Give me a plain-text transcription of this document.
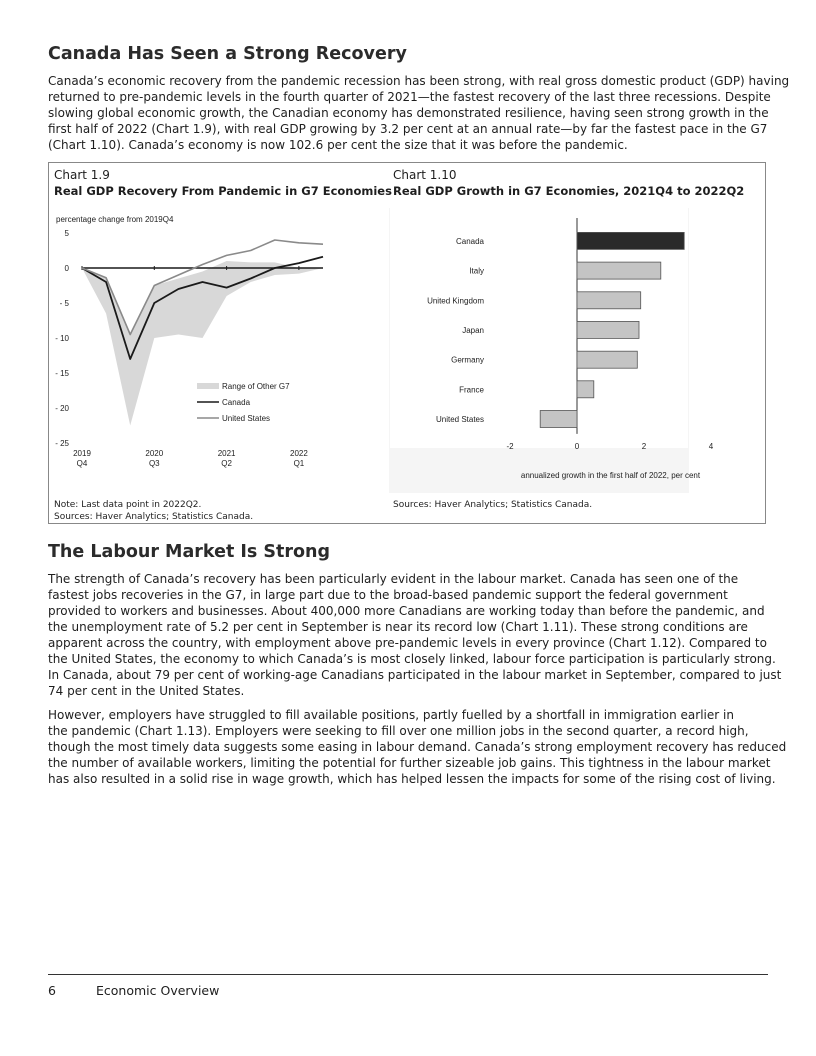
Canada Has Seen a Strong Recovery

Canada’s economic recovery from the pandemic recession has been strong, with real gross domestic product (GDP) having
returned to pre-pandemic levels in the fourth quarter of 2021—the fastest recovery of the last three recessions. Despite
slowing global economic growth, the Canadian economy has demonstrated resilience, having seen strong growth in the
first half of 2022 (Chart 1.9), with real GDP growing by 3.2 per cent at an annual rate—by far the fastest pace in the G7
(Chart 1.10). Canada’s economy is now 102.6 per cent the size that it was before the pandemic.

Chart 1.9
Real GDP Recovery From Pandemic in G7 Economies
Chart 1.10
Real GDP Growth in G7 Economies, 2021Q4 to 2022Q2
percentage change from 2019Q4
5
0
- 5
- 10
- 15
- 20
- 25
2019
Q4
2020
Q3
2021
Q2
2022
Q1
Range of Other G7
Canada
United States
Canada
Italy
United Kingdom
Japan
Germany
France
United States
-2	0	2	4
annualized growth in the first half of 2022, per cent
Note: Last data point in 2022Q2.
Sources: Haver Analytics; Statistics Canada.
Sources: Haver Analytics; Statistics Canada.
The Labour Market Is Strong

The strength of Canada’s recovery has been particularly evident in the labour market. Canada has seen one of the
fastest jobs recoveries in the G7, in large part due to the broad-based pandemic support the federal government
provided to workers and businesses. About 400,000 more Canadians are working today than before the pandemic, and
the unemployment rate of 5.2 per cent in September is near its record low (Chart 1.11). These strong conditions are
apparent across the country, with employment above pre-pandemic levels in every province (Chart 1.12). Compared to
the United States, the economy to which Canada’s is most closely linked, labour force participation is particularly strong.
In Canada, about 79 per cent of working-age Canadians participated in the labour market in September, compared to just
74 per cent in the United States.

However, employers have struggled to fill available positions, partly fuelled by a shortfall in immigration earlier in
the pandemic (Chart 1.13). Employers were seeking to fill over one million jobs in the second quarter, a record high,
though the most timely data suggests some easing in labour demand. Canada’s strong employment recovery has reduced
the number of available workers, limiting the potential for further sizeable job gains. This tightness in the labour market
has also resulted in a solid rise in wage growth, which has helped lessen the impacts for some of the rising cost of living.

6	Economic Overview
